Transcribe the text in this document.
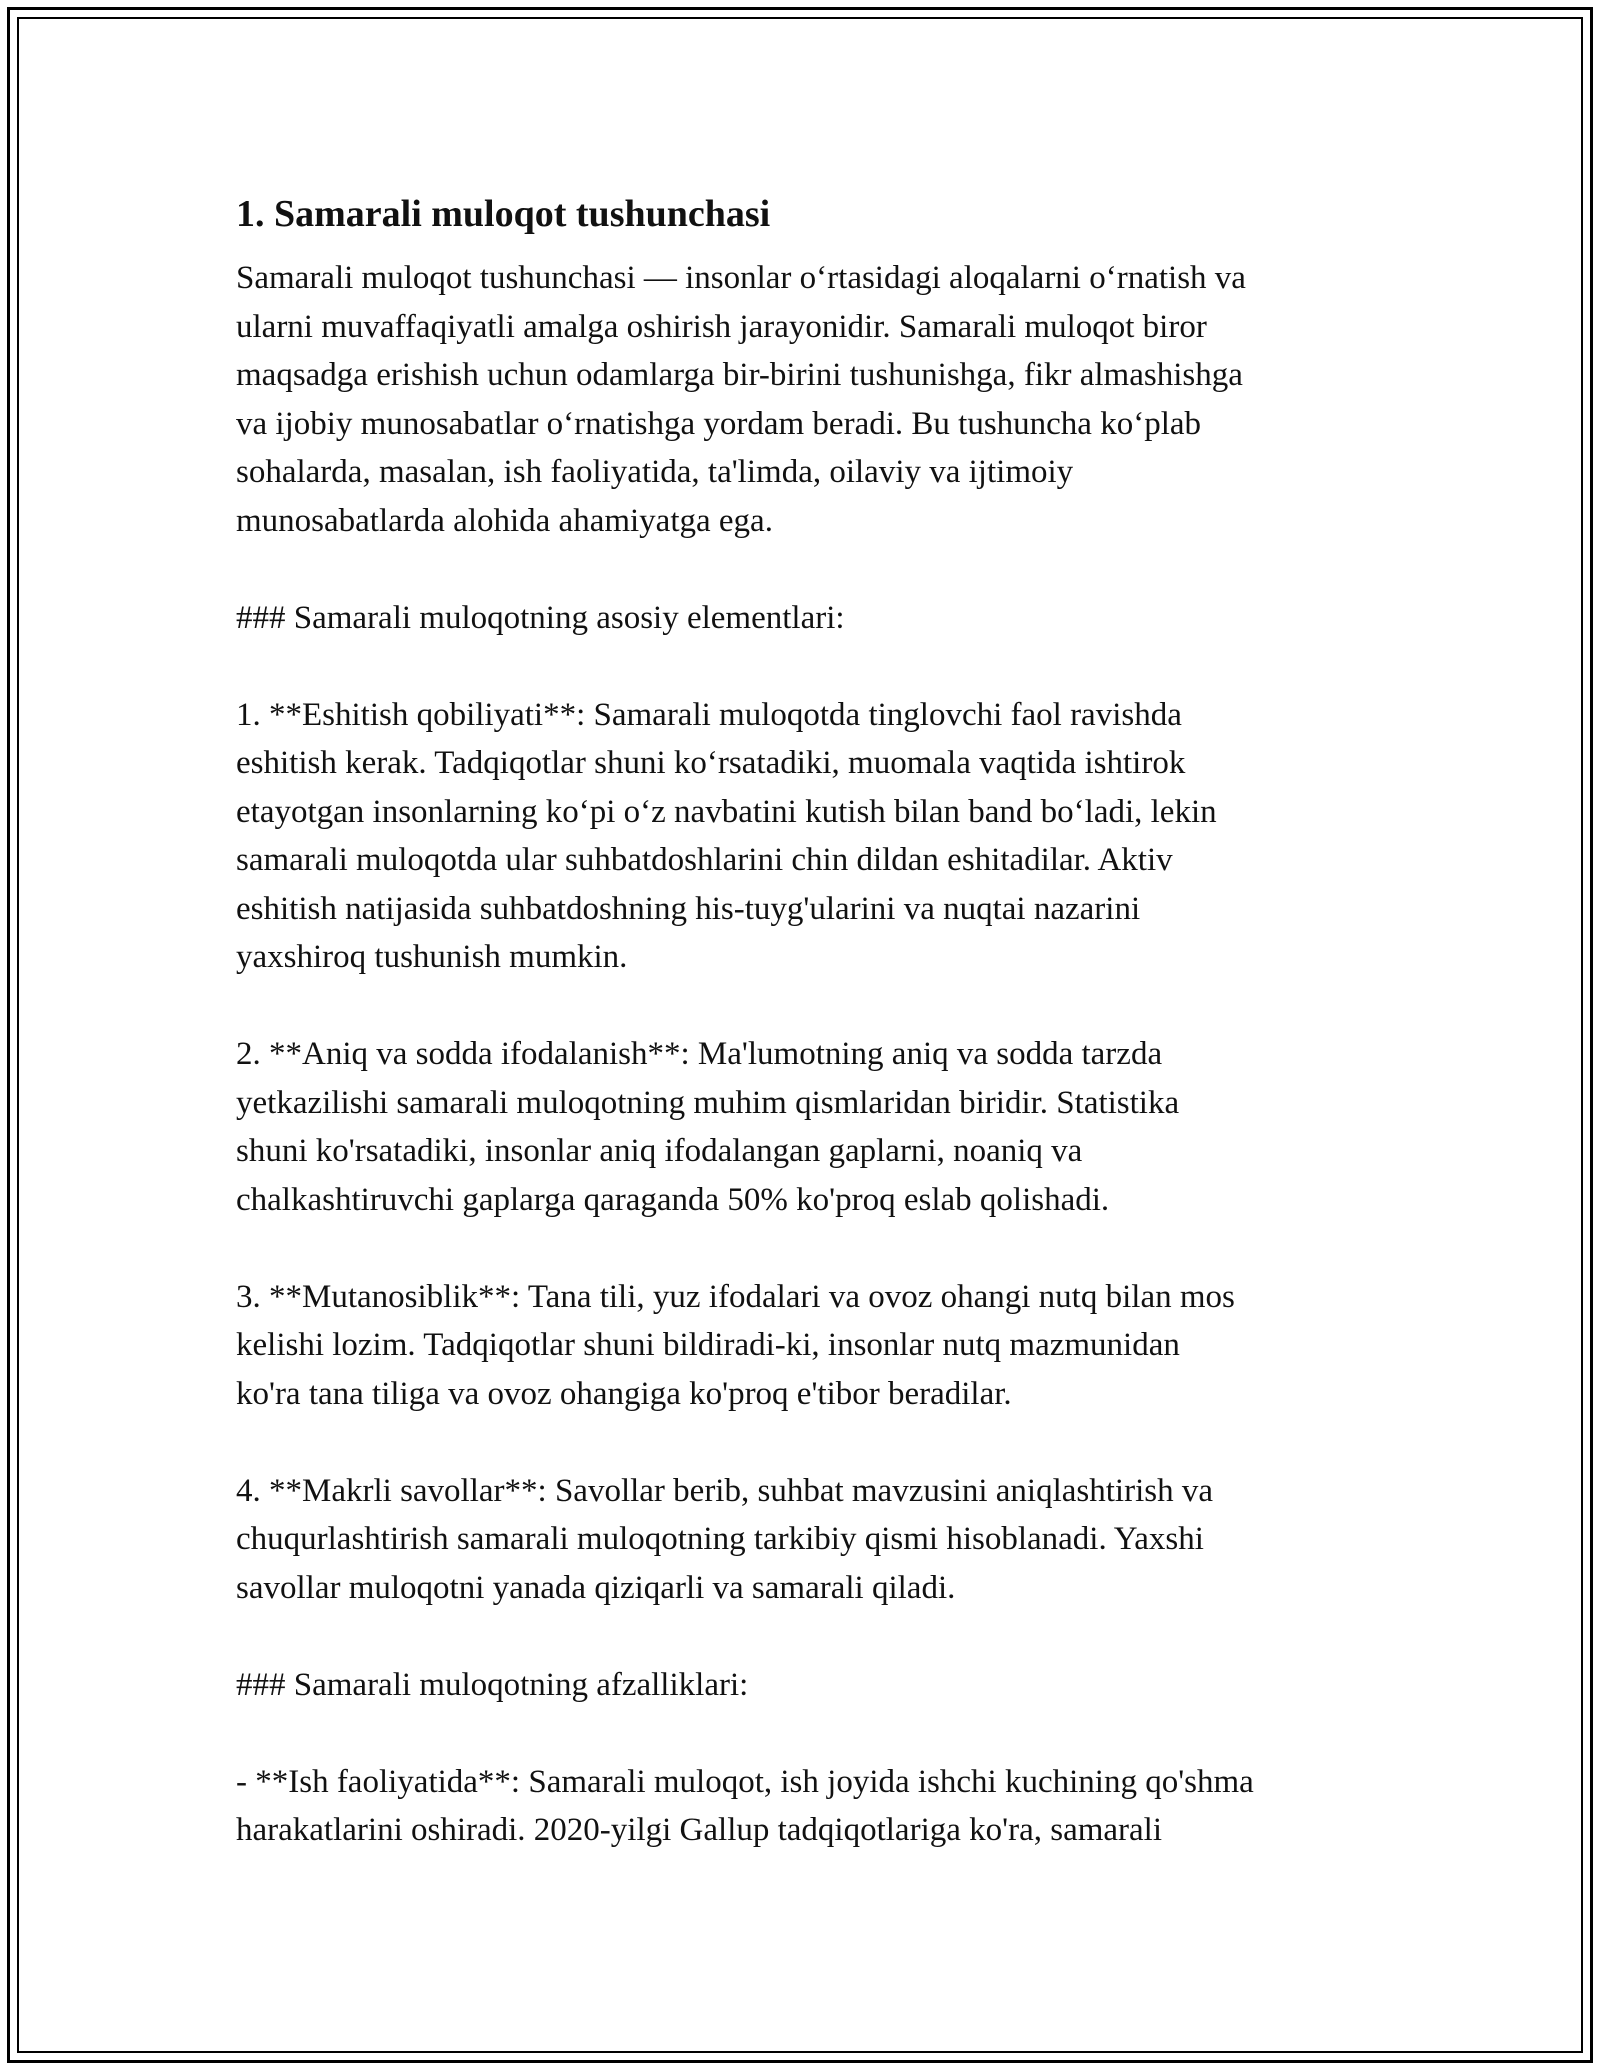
1. Samarali muloqot tushunchasi
Samarali muloqot tushunchasi — insonlar o‘rtasidagi aloqalarni o‘rnatish va
ularni muvaffaqiyatli amalga oshirish jarayonidir. Samarali muloqot biror
maqsadga erishish uchun odamlarga bir-birini tushunishga, fikr almashishga
va ijobiy munosabatlar o‘rnatishga yordam beradi. Bu tushuncha ko‘plab
sohalarda, masalan, ish faoliyatida, ta'limda, oilaviy va ijtimoiy
munosabatlarda alohida ahamiyatga ega.
### Samarali muloqotning asosiy elementlari:
1. **Eshitish qobiliyati**: Samarali muloqotda tinglovchi faol ravishda
eshitish kerak. Tadqiqotlar shuni ko‘rsatadiki, muomala vaqtida ishtirok
etayotgan insonlarning ko‘pi o‘z navbatini kutish bilan band bo‘ladi, lekin
samarali muloqotda ular suhbatdoshlarini chin dildan eshitadilar. Aktiv
eshitish natijasida suhbatdoshning his-tuyg'ularini va nuqtai nazarini
yaxshiroq tushunish mumkin.
2. **Aniq va sodda ifodalanish**: Ma'lumotning aniq va sodda tarzda
yetkazilishi samarali muloqotning muhim qismlaridan biridir. Statistika
shuni ko'rsatadiki, insonlar aniq ifodalangan gaplarni, noaniq va
chalkashtiruvchi gaplarga qaraganda 50% ko'proq eslab qolishadi.
3. **Mutanosiblik**: Tana tili, yuz ifodalari va ovoz ohangi nutq bilan mos
kelishi lozim. Tadqiqotlar shuni bildiradi-ki, insonlar nutq mazmunidan
ko'ra tana tiliga va ovoz ohangiga ko'proq e'tibor beradilar.
4. **Makrli savollar**: Savollar berib, suhbat mavzusini aniqlashtirish va
chuqurlashtirish samarali muloqotning tarkibiy qismi hisoblanadi. Yaxshi
savollar muloqotni yanada qiziqarli va samarali qiladi.
### Samarali muloqotning afzalliklari:
- **Ish faoliyatida**: Samarali muloqot, ish joyida ishchi kuchining qo'shma
harakatlarini oshiradi. 2020-yilgi Gallup tadqiqotlariga ko'ra, samarali
